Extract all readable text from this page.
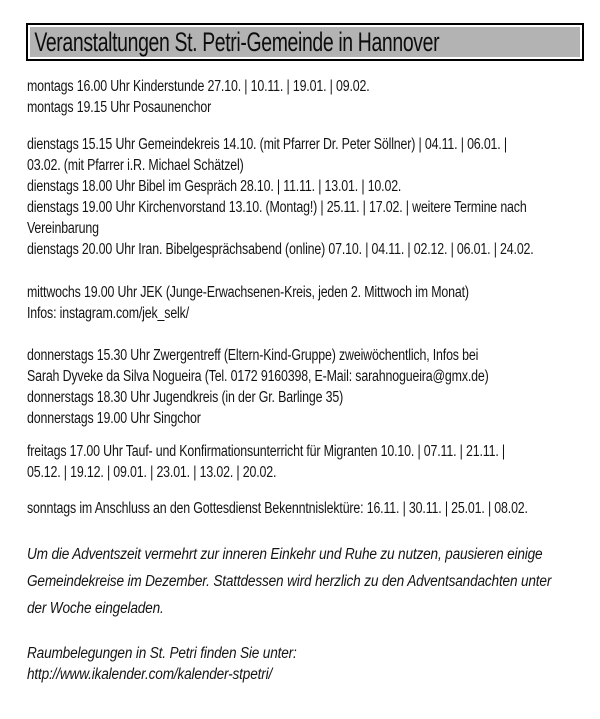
Veranstaltungen St. Petri-Gemeinde in Hannover
montags 16.00 Uhr Kinderstunde 27.10. | 10.11. | 19.01. | 09.02.
montags 19.15 Uhr Posaunenchor
dienstags 15.15 Uhr Gemeindekreis 14.10. (mit Pfarrer Dr. Peter Söllner) | 04.11. | 06.01. |
03.02. (mit Pfarrer i.R. Michael Schätzel)
dienstags 18.00 Uhr Bibel im Gespräch 28.10. | 11.11. | 13.01. | 10.02.
dienstags 19.00 Uhr Kirchenvorstand 13.10. (Montag!) | 25.11. | 17.02. | weitere Termine nach
Vereinbarung
dienstags 20.00 Uhr Iran. Bibelgesprächsabend (online) 07.10. | 04.11. | 02.12. | 06.01. | 24.02.
mittwochs 19.00 Uhr JEK (Junge-Erwachsenen-Kreis, jeden 2. Mittwoch im Monat)
Infos: instagram.com/jek_selk/
donnerstags 15.30 Uhr Zwergentreff (Eltern-Kind-Gruppe) zweiwöchentlich, Infos bei
Sarah Dyveke da Silva Nogueira (Tel. 0172 9160398, E-Mail: sarahnogueira@gmx.de)
donnerstags 18.30 Uhr Jugendkreis (in der Gr. Barlinge 35)
donnerstags 19.00 Uhr Singchor
freitags 17.00 Uhr Tauf- und Konfirmationsunterricht für Migranten 10.10. | 07.11. | 21.11. |
05.12. | 19.12. | 09.01. | 23.01. | 13.02. | 20.02.
sonntags im Anschluss an den Gottesdienst Bekenntnislektüre: 16.11. | 30.11. | 25.01. | 08.02.
Um die Adventszeit vermehrt zur inneren Einkehr und Ruhe zu nutzen, pausieren einige
Gemeindekreise im Dezember. Stattdessen wird herzlich zu den Adventsandachten unter
der Woche eingeladen.
Raumbelegungen in St. Petri finden Sie unter:
http://www.ikalender.com/kalender-stpetri/
